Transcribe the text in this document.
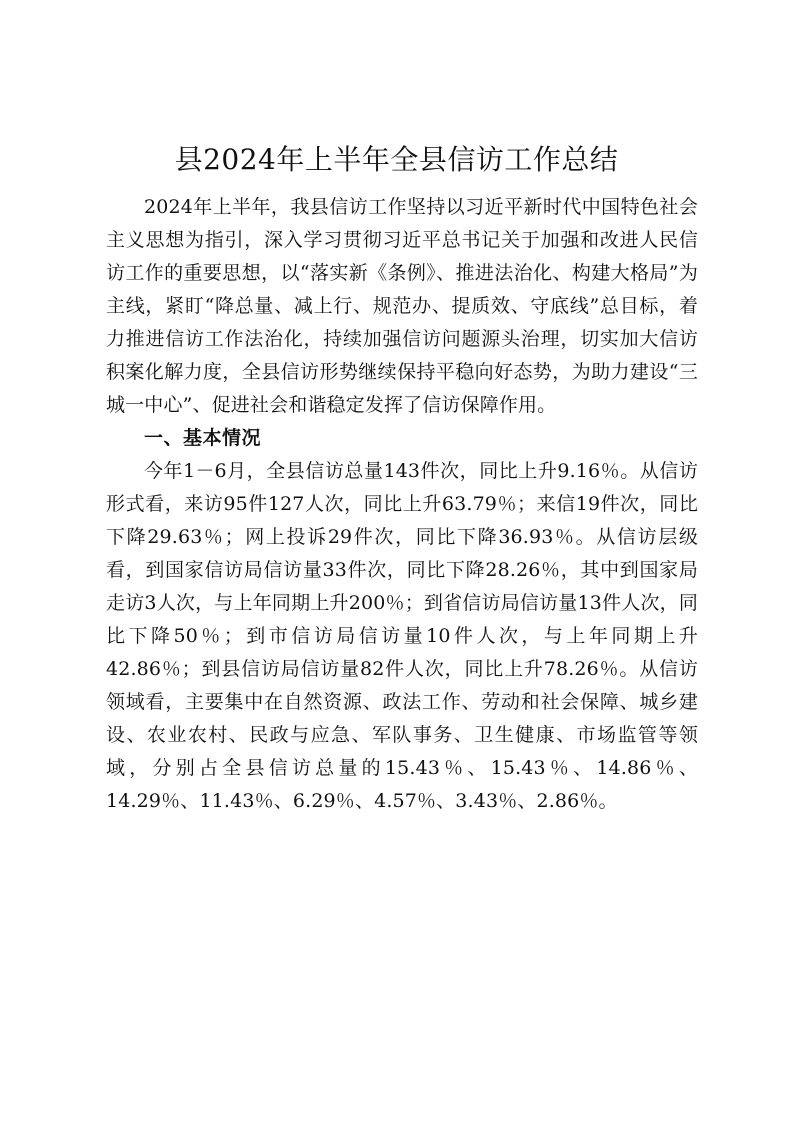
县2024年上半年全县信访工作总结

2024年上半年，我县信访工作坚持以习近平新时代中国特色社会主义思想为指引，深入学习贯彻习近平总书记关于加强和改进人民信访工作的重要思想，以“落实新《条例》、推进法治化、构建大格局”为主线，紧盯“降总量、减上行、规范办、提质效、守底线”总目标，着力推进信访工作法治化，持续加强信访问题源头治理，切实加大信访积案化解力度，全县信访形势继续保持平稳向好态势，为助力建设“三城一中心”、促进社会和谐稳定发挥了信访保障作用。

一、基本情况

今年1－6月，全县信访总量143件次，同比上升9.16％。从信访形式看，来访95件127人次，同比上升63.79％；来信19件次，同比下降29.63％；网上投诉29件次，同比下降36.93％。从信访层级看，到国家信访局信访量33件次，同比下降28.26％，其中到国家局走访3人次，与上年同期上升200％；到省信访局信访量13件人次，同比下降50％；到市信访局信访量10件人次，与上年同期上升42.86％；到县信访局信访量82件人次，同比上升78.26％。从信访领域看，主要集中在自然资源、政法工作、劳动和社会保障、城乡建设、农业农村、民政与应急、军队事务、卫生健康、市场监管等领域，分别占全县信访总量的15.43％、15.43％、14.86％、14.29％、11.43％、6.29％、4.57％、3.43％、2.86％。
